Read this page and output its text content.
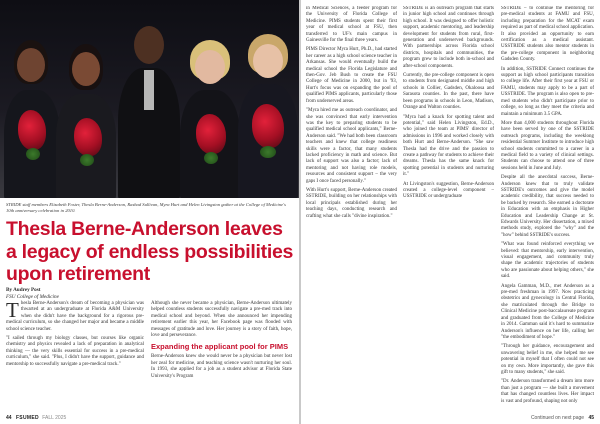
STRIDE staff members Elizabeth Foster, Thesla Berne-Anderson, Rashad Sullivan, Myra Hurt and Helen Livingston gather at the College of Medicine's 10th anniversary celebration in 2010.
Thesla Berne-Anderson leaves a legacy of endless possibilities upon retirement
By Audrey Post
FSU College of Medicine

Thesla Berne-Anderson's dream of becoming a physician was thwarted at an undergraduate at Florida A&M University when she didn't have the background for a rigorous pre-medical curriculum, so she changed her major and became a middle school science teacher.

"I sailed through my biology classes, but courses like organic chemistry and physics revealed a lack of preparation in analytical thinking — the very skills essential for success in a pre-medical curriculum," she said. "Plus, I didn't have the support, guidance and mentorship to successfully navigate a pre-medical track."

Although she never became a physician, Berne-Anderson ultimately helped countless students successfully navigate a pre-med track into medical school and beyond. When she announced her impending retirement earlier this year, her Facebook page was flooded with messages of gratitude and love. Her journey is a story of faith, hope, love and perseverance.

Expanding the applicant pool for PIMS

Berne-Anderson knew she would never be a physician but never lost her zeal for medicine, and teaching science wasn't nurturing her soul. In 1993, she applied for a job as a student advisor at Florida State University's Program

44 FSUMED FALL 2025

in Medical Sciences, a feeder program for the University of Florida College of Medicine. PIMS students spent their first year of medical school at FSU, then transferred to UF's main campus in Gainesville for the final three years.

PIMS Director Myra Hurt, Ph.D., had started her career as a high school science teacher in Arkansas. She would eventually build the medical school the Florida Legislature and then-Gov. Jeb Bush to create the FSU College of Medicine in 2000, but in '93, Hurt's focus was on expanding the pool of qualified PIMS applicants, particularly those from underserved areas.

"Myra hired me as outreach coordinator, and she was convinced that early intervention was the key to preparing students to be qualified medical school applicants," Berne-Anderson said. "We had both been classroom teachers and knew that college readiness skills were a factor, that many students lacked proficiency in math and science. But lack of support was also a factor; lack of mentoring and not having role models, resources and consistent support – the very gaps I once faced personally."

With Hurt's support, Berne-Anderson created SSTRIDE, building on her relationships with local principals established during her teaching days, conducting research and crafting what she calls "divine inspiration."

SSTRIDE is an outreach program that starts in junior high school and continues through high school. It was designed to offer holistic support, academic mentoring, and leadership development for students from rural, first-generation and underserved backgrounds. With partnerships across Florida school districts, hospitals and communities, the program grew to include both in-school and after-school components.

Currently, the pre-college component is open to students from designated middle and high schools in Collier, Gadsden, Okaloosa and Sarasota counties. In the past, there have been programs in schools in Leon, Madison, Orange and Walton counties.

"Myra had a knack for spotting talent and potential," said Helen Livingston, Ed.D., who joined the team at PIMS' director of admissions in 1996 and worked closely with both Hurt and Berne-Anderson. "She saw Thesla had the drive and the passion to create a pathway for students to achieve their dreams. Thesla has the same knack for spotting potential in students and nurturing it."

At Livingston's suggestion, Berne-Anderson created a college-level component – USSTRIDE or undergraduate

SSTRIDE – to continue the mentoring for pre-medical students at FAMU and FSU, including preparation for the MCAT exam required as part of medical school application. It also provided an opportunity to earn certification as a medical assistant. USSTRIDE students also mentor students in the pre-college component in neighboring Gadsden County.

In addition, SSTRIDE Connect continues the support as high school participants transition to college life. After their first year at FSU or FAMU, students may apply to be a part of USSTRIDE. The program is also open to pre-med students who didn't participate prior to college, so long as they meet the criteria and maintain a minimum 3.5 GPA.

More than 4,000 students throughout Florida have been served by one of the SSTRIDE outreach programs, including the weeklong residential Summer Institute to introduce high school students committed to a career in a medical field to a variety of clinical settings. Students can choose to attend one of three sessions held in June and July.

Despite all the anecdotal success, Berne-Anderson knew that to truly validate SSTRIDE's outcomes and give the model academic credibility, that success needed to be backed by research. She earned a doctorate in Education with an emphasis in Higher Education and Leadership Change at St. Edwards University. Her dissertation, a mixed methods study, explored the "why" and the "how" behind SSTRIDE's success.

"What was found reinforced everything we believed: that mentorship, early intervention, visual engagement, and community truly shape the academic trajectories of students who are passionate about helping others," she said.

Angela Gamman, M.D., met Anderson as a pre-med freshman in 1997. Now practicing obstetrics and gynecology in Central Florida, she matriculated through the Bridge to Clinical Medicine post-baccalaureate program and graduated from the College of Medicine in 2014. Gamman said it's hard to summarize Anderson's influence on her life, calling her "the embodiment of hope."

"Through her guidance, encouragement and unwavering belief in me, she helped me see potential in myself that I often could not see on my own. More importantly, she gave this gift to many students," she said.

"Dr. Anderson transformed a dream into more than just a program — she built a movement that has changed countless lives. Her impact is vast and profound, shaping not only

Continued on next page 45
